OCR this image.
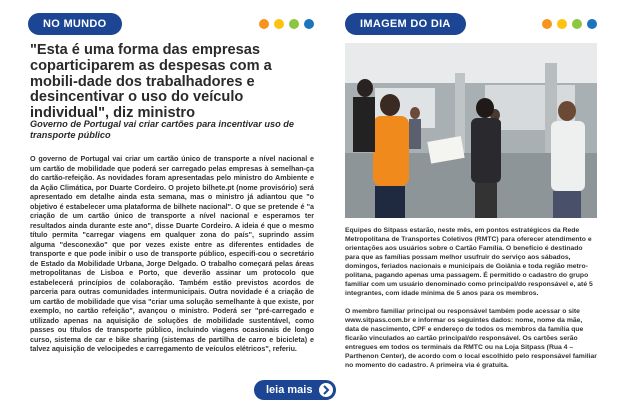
NO MUNDO
"Esta é uma forma das empresas coparticiparem as despesas com a mobili-dade dos trabalhadores e desincentivar o uso do veículo individual", diz ministro
Governo de Portugal vai criar cartões para incentivar uso de transporte público
O governo de Portugal vai criar um cartão único de transporte a nível nacional e um cartão de mobilidade que poderá ser carregado pelas empresas à semelhan-ça do cartão-refeição. As novidades foram apresentadas pelo ministro do Ambiente e da Ação Climática, por Duarte Cordeiro. O projeto bilhete.pt (nome provisório) será apresentado em detalhe ainda esta semana, mas o ministro já adiantou que "o objetivo é estabelecer uma plataforma de bilhete nacional". O que se pretende é "a criação de um cartão único de transporte a nível nacional e esperamos ter resultados ainda durante este ano", disse Duarte Cordeiro. A ideia é que o mesmo título permita "carregar viagens em qualquer zona do país", suprindo assim alguma "desconexão" que por vezes existe entre as diferentes entidades de transporte e que pode inibir o uso de transporte público, especifi-cou o secretário de Estado da Mobilidade Urbana, Jorge Delgado. O trabalho começará pelas áreas metropolitanas de Lisboa e Porto, que deverão assinar um protocolo que estabelecerá princípios de colaboração. Também estão previstos acordos de parceria para outras comunidades intermunicipais. Outra novidade é a criação de um cartão de mobilidade que visa "criar uma solução semelhante à que existe, por exemplo, no cartão refeição", avançou o ministro. Poderá ser "pré-carregado e utilizado apenas na aquisição de soluções de mobilidade sustentável, como passes ou títulos de transporte público, incluindo viagens ocasionais de longo curso, sistema de car e bike sharing (sistemas de partilha de carro e bicicleta) e talvez aquisição de velocipedes e carregamento de veículos elétricos", referiu.
leia mais
IMAGEM DO DIA

Equipes do Sitpass estarão, neste mês, em pontos estratégicos da Rede Metropolitana de Transportes Coletivos (RMTC) para oferecer atendimento e orientações aos usuários sobre o Cartão Família. O benefício é destinado para que as famílias possam melhor usufruir do serviço aos sábados, domingos, feriados nacionais e municipais de Goiânia e toda região metro-politana, pagando apenas uma passagem. É permitido o cadastro do grupo familiar com um usuário denominado como principal/do responsável e, até 5 integrantes, com idade mínima de 5 anos para os membros.

O membro familiar principal ou responsável também pode acessar o site www.sitpass.com.br e informar os seguintes dados: nome, nome da mãe, data de nascimento, CPF e endereço de todos os membros da família que ficarão vinculados ao cartão principal/do responsável. Os cartões serão entregues em todos os terminais da RMTC ou na Loja Sitpass (Rua 4 – Parthenon Center), de acordo com o local escolhido pelo responsável familiar no momento do cadastro. A primeira via é gratuita.
